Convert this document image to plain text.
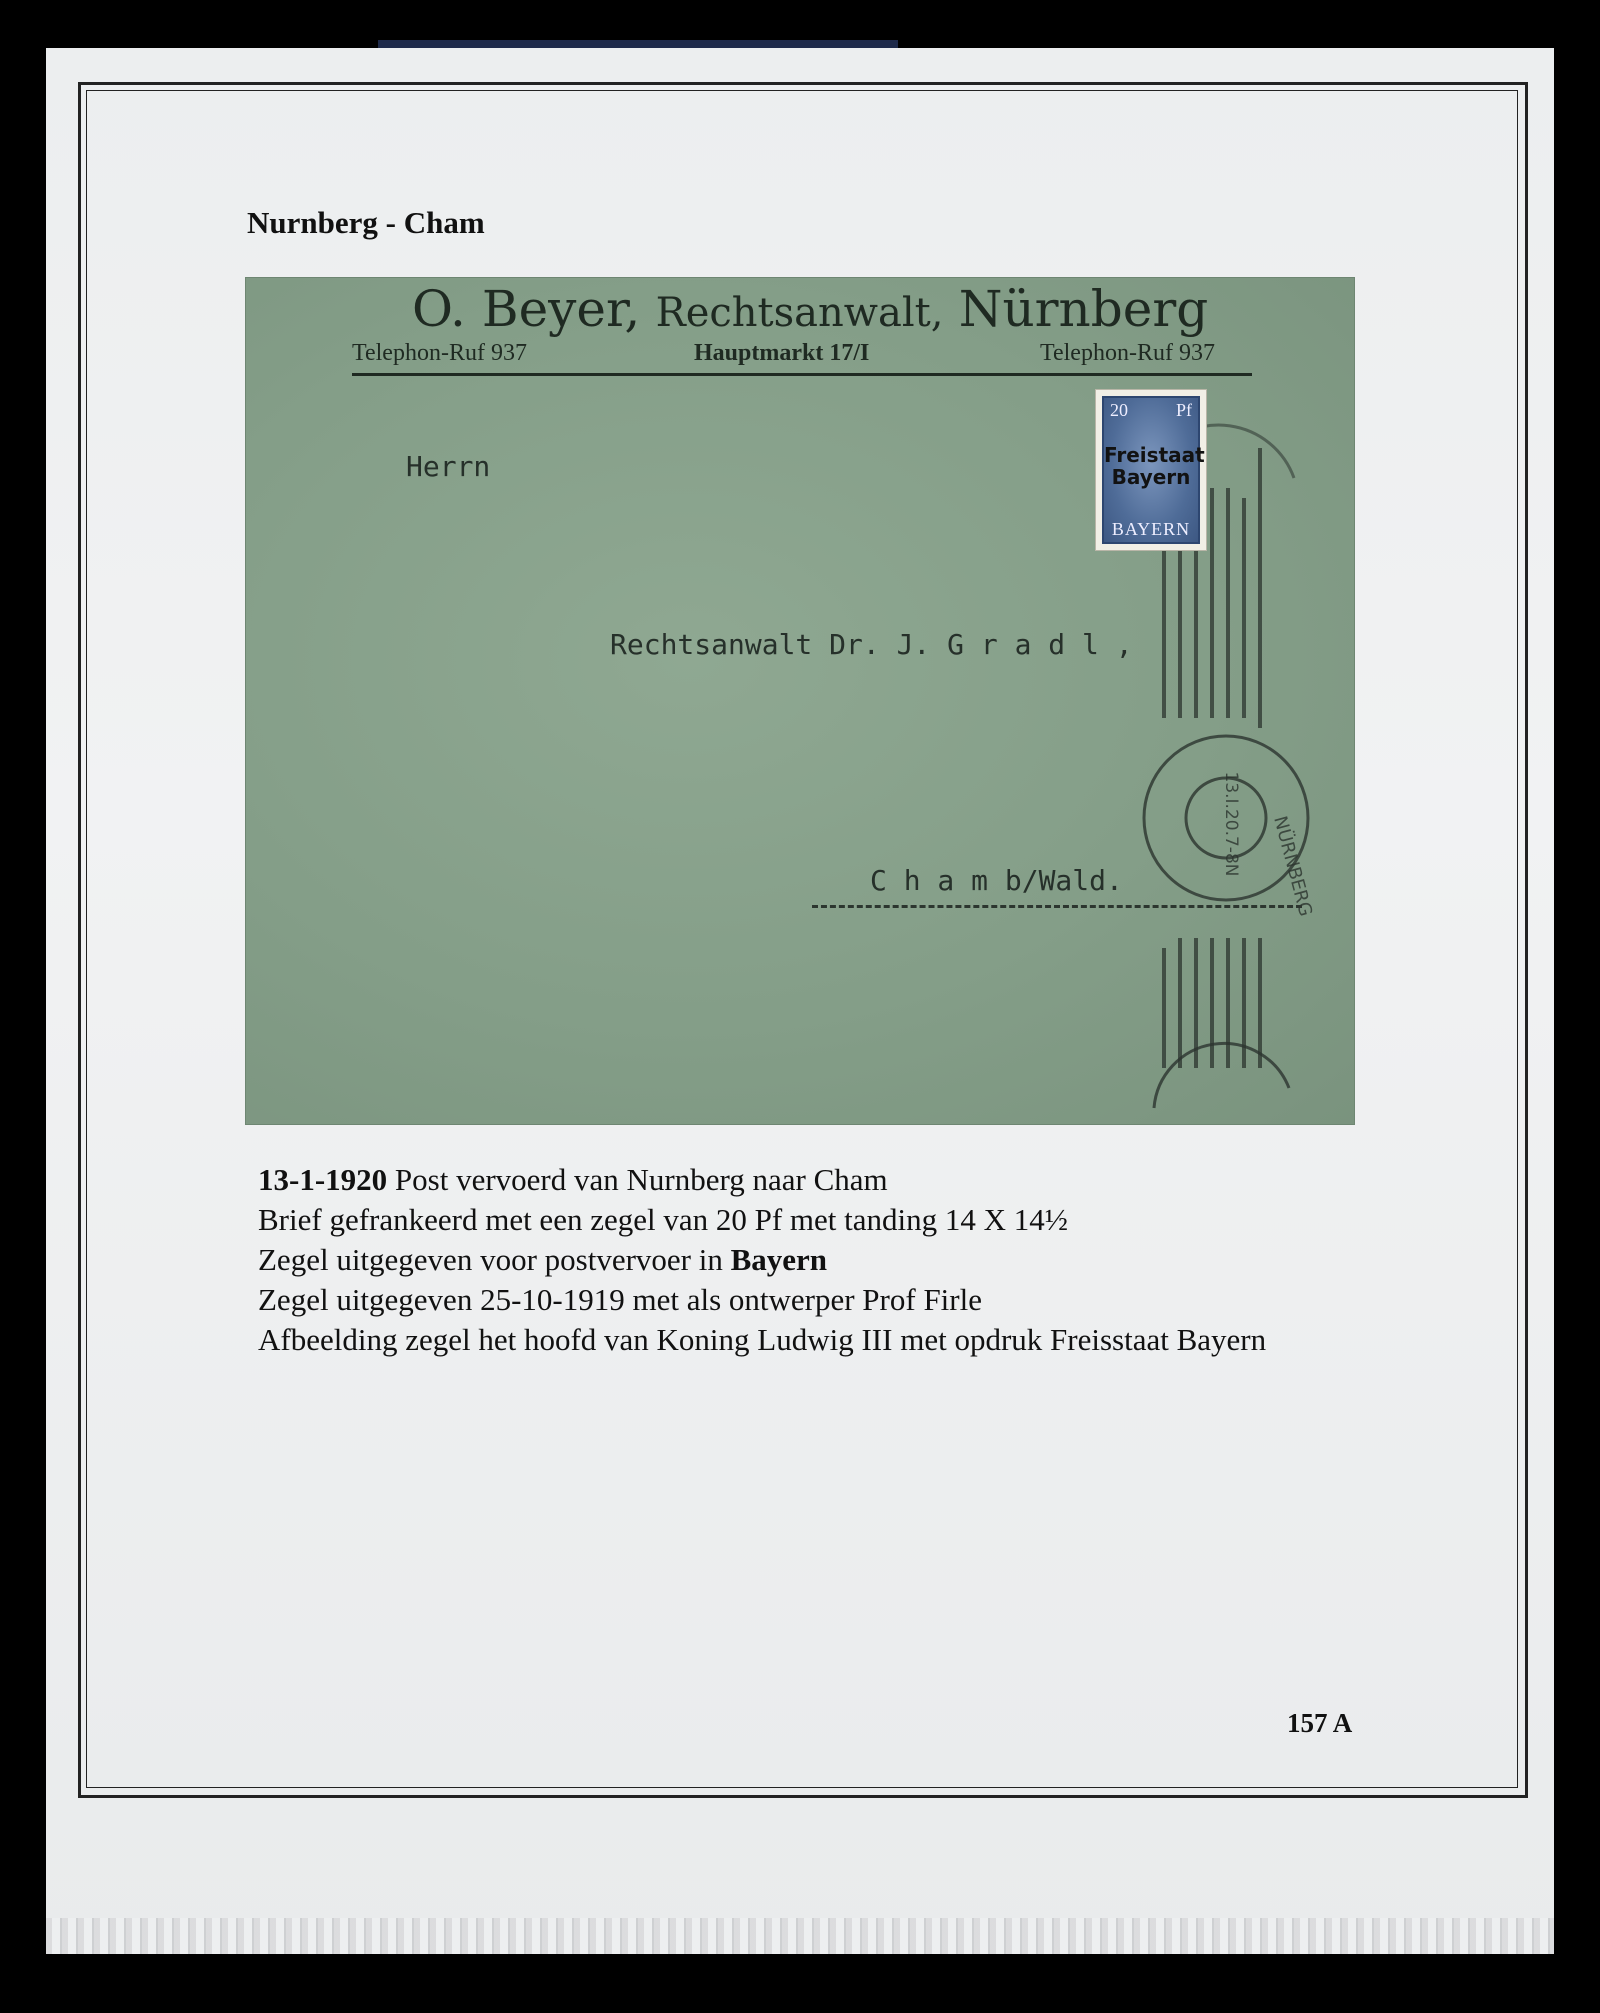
Nurnberg - Cham
O. Beyer, Rechtsanwalt, Nürnberg
Telephon-Ruf 937	Hauptmarkt 17/I	Telephon-Ruf 937
Herrn
Rechtsanwalt Dr. J. G r a d l ,
C h a m b/Wald.	NÜRNBERG
13.I.20.7-8N
20	Pf
Freistaat
Bayern
BAYERN
13-1-1920 Post vervoerd van Nurnberg naar Cham
Brief gefrankeerd met een zegel van 20 Pf met tanding 14 X 14½
Zegel uitgegeven voor postvervoer in Bayern
Zegel uitgegeven 25-10-1919 met als ontwerper Prof Firle
Afbeelding zegel het hoofd van Koning Ludwig III met opdruk Freisstaat Bayern
157 A
